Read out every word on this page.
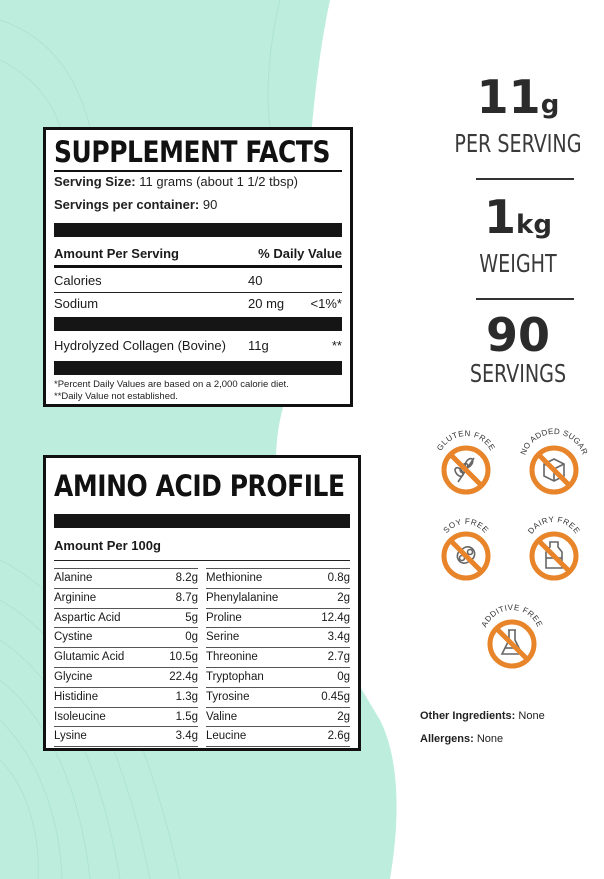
SUPPLEMENT FACTS
Serving Size: 11 grams (about 1 1/2 tbsp)
Servings per container: 90
Amount Per Serving	% Daily Value
Calories	40
Sodium	20 mg <1%*
Hydrolyzed Collagen (Bovine) 11g	**
*Percent Daily Values are based on a 2,000 calorie diet.
**Daily Value not established.
AMINO ACID PROFILE
Amount Per 100g
Alanine	8.2g
Arginine	8.7g
Aspartic Acid	5g
Cystine	0g
Glutamic Acid	10.5g
Glycine	22.4g
Histidine	1.3g
Isoleucine	1.5g
Lysine	3.4g
Methionine	0.8g
Phenylalanine	2g
Proline	12.4g
Serine	3.4g
Threonine	2.7g
Tryptophan	0g
Tyrosine	0.45g
Valine	2g
Leucine	2.6g
11g
PER SERVING
1kg
WEIGHT
90
SERVINGS
GLUTEN FREE	NO ADDED SUGAR
SOY FREE	DAIRY FREE
ADDITIVE FREE
Other Ingredients: None
Allergens: None
